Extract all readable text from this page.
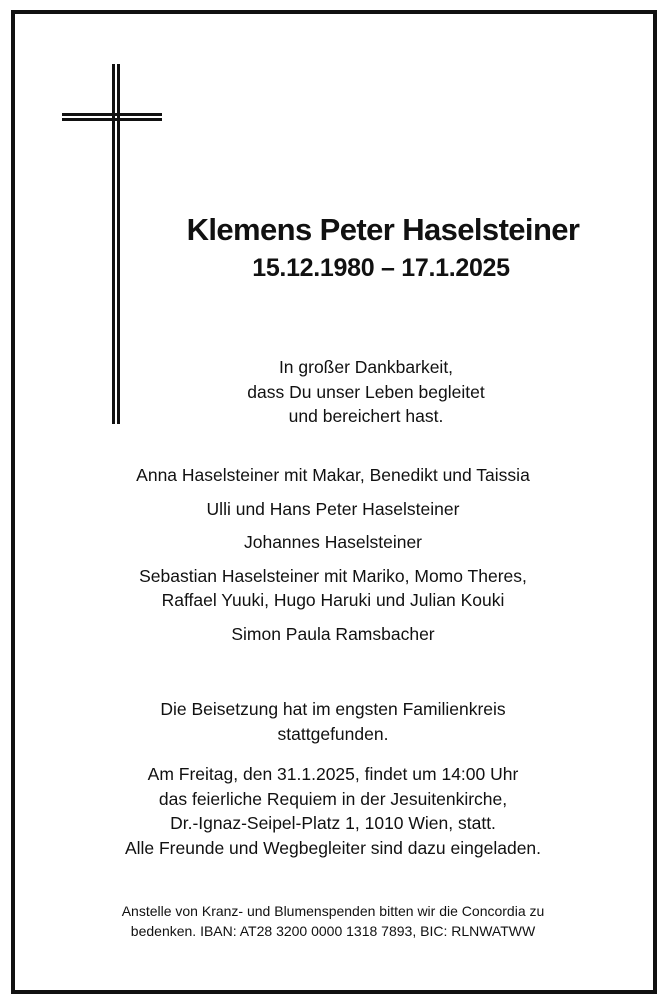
Klemens Peter Haselsteiner
15.12.1980 – 17.1.2025
In großer Dankbarkeit,
dass Du unser Leben begleitet
und bereichert hast.
Anna Haselsteiner mit Makar, Benedikt und Taissia
Ulli und Hans Peter Haselsteiner
Johannes Haselsteiner
Sebastian Haselsteiner mit Mariko, Momo Theres,
Raffael Yuuki, Hugo Haruki und Julian Kouki
Simon Paula Ramsbacher
Die Beisetzung hat im engsten Familienkreis
stattgefunden.
Am Freitag, den 31.1.2025, findet um 14:00 Uhr
das feierliche Requiem in der Jesuitenkirche,
Dr.-Ignaz-Seipel-Platz 1, 1010 Wien, statt.
Alle Freunde und Wegbegleiter sind dazu eingeladen.
Anstelle von Kranz- und Blumenspenden bitten wir die Concordia zu
bedenken. IBAN: AT28 3200 0000 1318 7893, BIC: RLNWATWW
